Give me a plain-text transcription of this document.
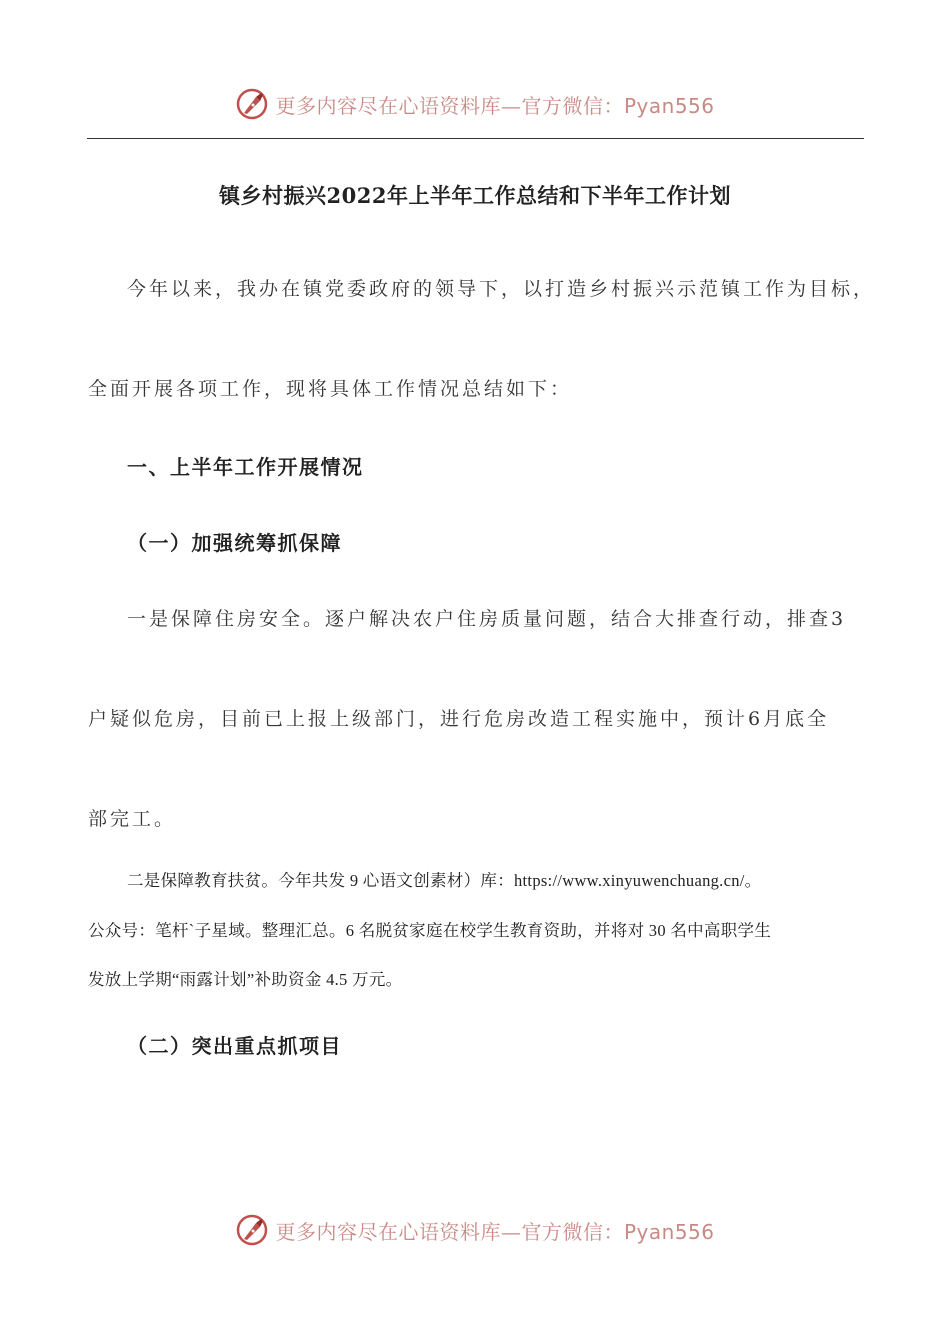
更多内容尽在心语资料库—官方微信：Pyan556
镇乡村振兴2022年上半年工作总结和下半年工作计划

今年以来，我办在镇党委政府的领导下，以打造乡村振兴示范镇工作为目标，

全面开展各项工作，现将具体工作情况总结如下：

一、上半年工作开展情况

（一）加强统筹抓保障

一是保障住房安全。逐户解决农户住房质量问题，结合大排查行动，排查3

户疑似危房，目前已上报上级部门，进行危房改造工程实施中，预计6月底全

部完工。

二是保障教育扶贫。今年共发 9 心语文创素材）库：https://www.xinyuwenchuang.cn/。

公众号：笔杆`子星域。整理汇总。6 名脱贫家庭在校学生教育资助，并将对 30 名中高职学生

发放上学期“雨露计划”补助资金 4.5 万元。

（二）突出重点抓项目

更多内容尽在心语资料库—官方微信：Pyan556
